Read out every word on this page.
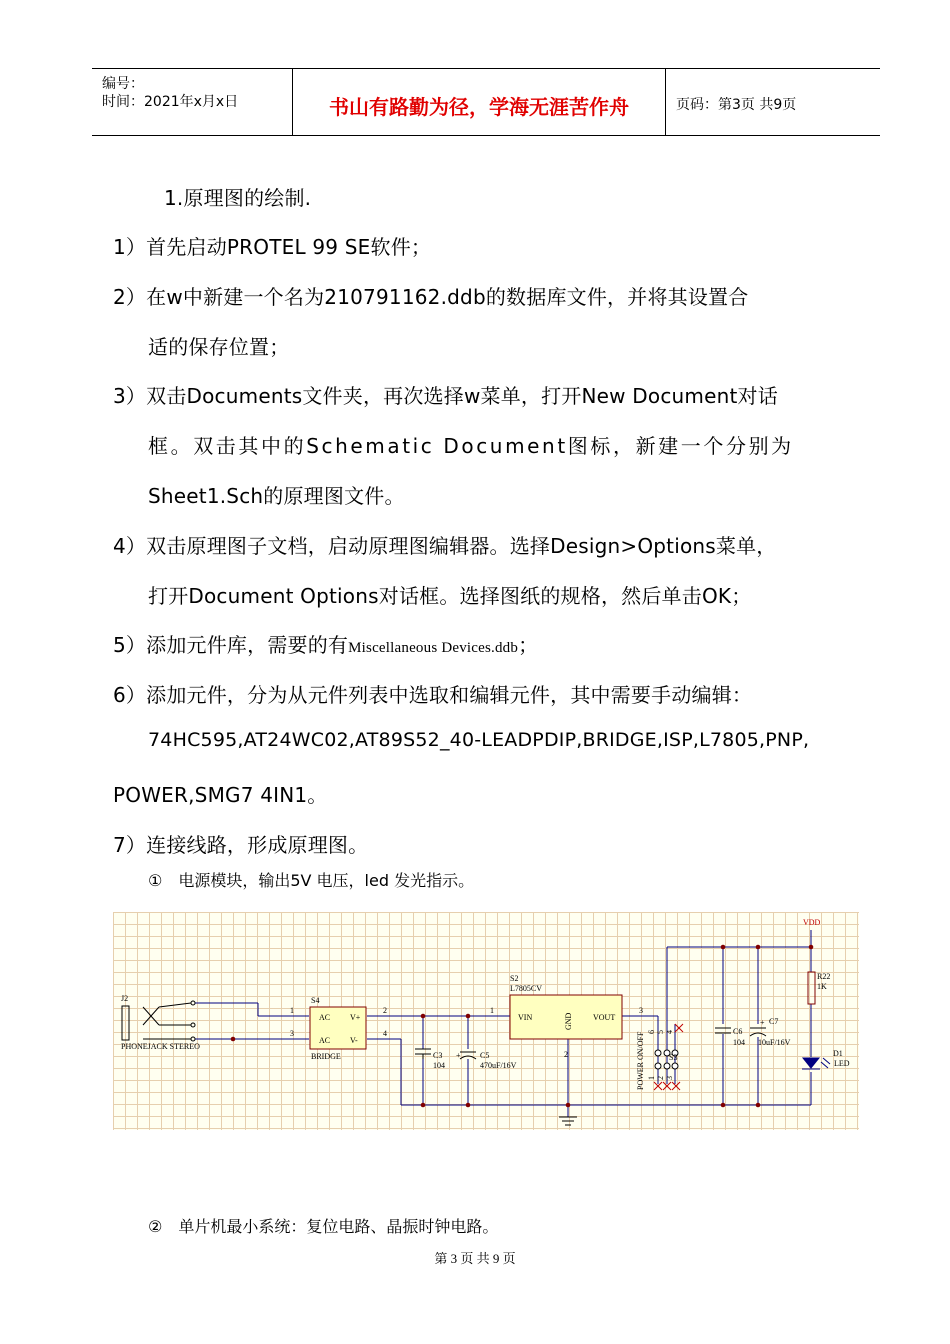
编号：
时间：2021年x月x日	书山有路勤为径，学海无涯苦作舟	页码：第3页 共9页
1.原理图的绘制.
1）首先启动PROTEL 99 SE软件；
2）在w中新建一个名为210791162.ddb的数据库文件，并将其设置合
适的保存位置；
3）双击Documents文件夹，再次选择w菜单，打开New Document对话
框。双击其中的Schematic Document图标，新建一个分别为
Sheet1.Sch的原理图文件。
4）双击原理图子文档，启动原理图编辑器。选择Design>Options菜单，
打开Document Options对话框。选择图纸的规格，然后单击OK；
5）添加元件库，需要的有Miscellaneous Devices.ddb；
6）添加元件，分为从元件列表中选取和编辑元件，其中需要手动编辑：
74HC595,AT24WC02,AT89S52_40-LEADPDIP,BRIDGE,ISP,L7805,PNP,
POWER,SMG7 4IN1。
7）连接线路，形成原理图。
①　电源模块，输出5V 电压，led 发光指示。
VDD
J2
PHONEJACK STEREO
S4
BRIDGE
AC
AC
V+
V-
1
3
2
4
S2
L7805CV
VIN	GND	VOUT
1
2
3
C3
104
C5
470uF/16V
+	S3
POWER ON/OFF 6 5 4
1 2 3
C6
104
C7
10uF/16V
+
R22
1K
D1
LED
②　单片机最小系统：复位电路、晶振时钟电路。
第 3 页 共 9 页
